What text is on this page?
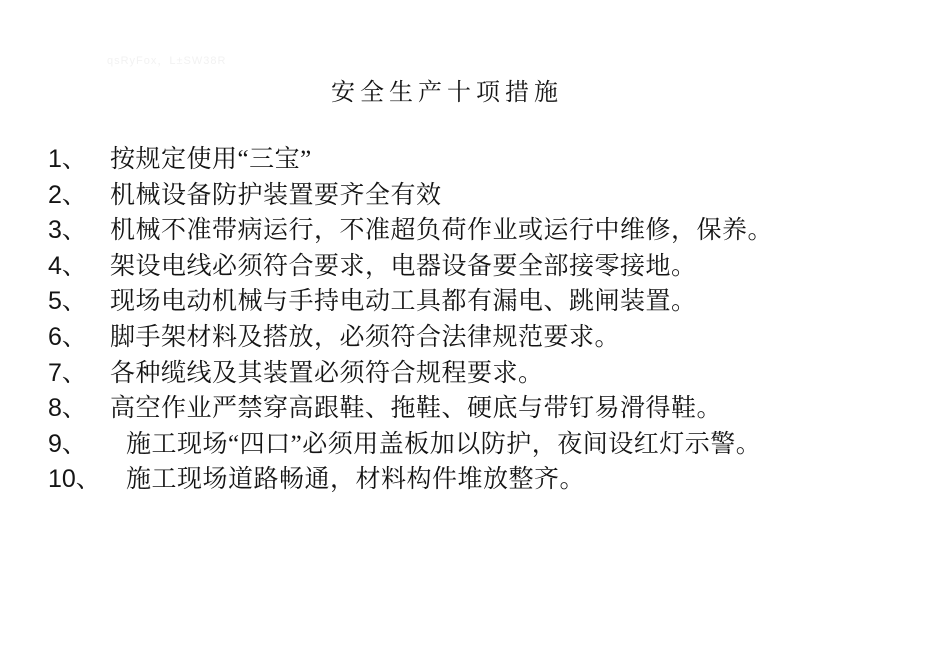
qsRyFox，L±SW38R
安全生产十项措施
1、 按规定使用“三宝”
2、 机械设备防护装置要齐全有效
3、 机械不准带病运行，不准超负荷作业或运行中维修，保养。
4、 架设电线必须符合要求，电器设备要全部接零接地。
5、 现场电动机械与手持电动工具都有漏电、跳闸装置。
6、 脚手架材料及搭放，必须符合法律规范要求。
7、 各种缆线及其装置必须符合规程要求。
8、 高空作业严禁穿高跟鞋、拖鞋、硬底与带钉易滑得鞋。
9、	施工现场“四口”必须用盖板加以防护，夜间设红灯示警。
10、	施工现场道路畅通，材料构件堆放整齐。
